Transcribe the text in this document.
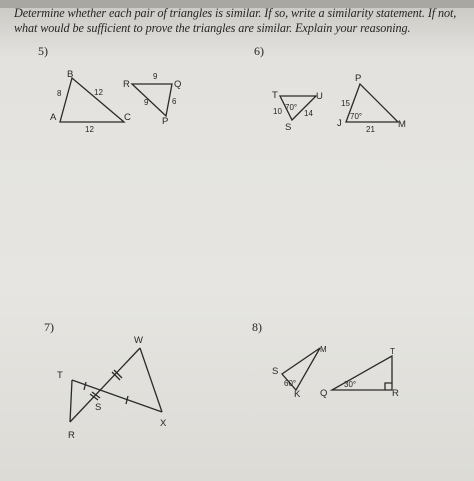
Determine whether each pair of triangles is similar. If so, write a similarity statement. If not, what would be sufficient to prove the triangles are similar. Explain your reasoning.
5)
B
A	C
8	12
12
R	Q
P
9
9	6
6)
T	U
S
10	14
70°
P
J	M
15
21
70°
7)
W
T
S
X
R
8)
M
S
K
60°
T
Q	R
30°
